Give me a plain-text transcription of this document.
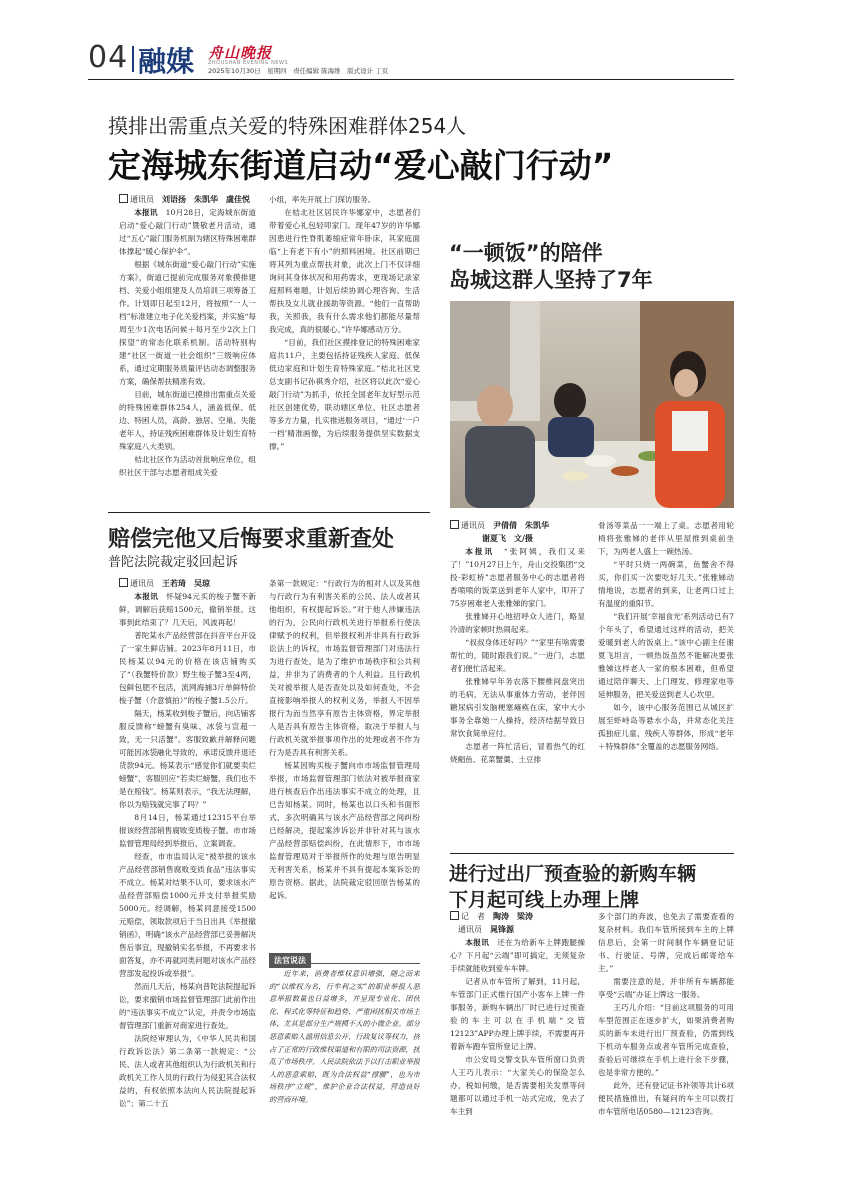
04 融媒 舟山晚报
ZHOUSHAN EVENING NEWS
2025年10月30日　星期四　责任编辑 陈海维　版式设计 丁页
摸排出需重点关爱的特殊困难群体254人
定海城东街道启动“爱心敲门行动”

通讯员　 刘语扬　朱凯华　虞佳悦

本报讯　 10月28日，定海城东街道启动“爱心敲门行动”暨敬老月活动，通过“五心”敲门服务机制为辖区特殊困难群体撑起“暖心保护伞”。

根据《城东街道“爱心敲门行动”实施方案》，街道已提前完成服务对象摸排建档、关爱小组组建及人员培训三项筹备工作。计划即日起至12月，将按照“一人一档”标准建立电子化关爱档案，并实施“每周至少1次电话问候＋每月至少2次上门探望”的常态化联系机制。活动特别构建“社区一街道一社会组织”三级响应体系，通过定期服务质量评估动态调整服务方案，确保帮扶精准有效。

目前，城东街道已摸排出需重点关爱的特殊困难群体254人，涵盖低保、低边、特困人员，高龄、独居、空巢、失能老年人，持证残疾困难群体及计划生育特殊家庭八大类别。

桔北社区作为活动首批响应单位，组织社区干部与志愿者组成关爱

小组，率先开展上门探访服务。

在桔北社区居民许华娜家中，志愿者们带着爱心礼包轻叩家门。现年47岁的许华娜因患进行性脊肌萎缩症常年卧床，其家庭面临“上有老下有小”的照料困境。社区前期已将其列为重点帮扶对象，此次上门不仅详细询问其身体状况和用药需求，更现场记录家庭照料难题，计划后续协调心理咨询、生活帮扶及女儿就业援助等资源。“他们一直帮助我，关照我，我有什么需求他们都能尽量帮我完成，真的很暖心。”许华娜感动万分。

“目前，我们社区摸排登记的特殊困难家庭共11户，主要包括持证残疾人家庭、低保低边家庭和计划生育特殊家庭。”桔北社区党总支副书记孙祺秀介绍，社区将以此次“爱心敲门行动”为抓手，依托全国老年友好型示范社区创建优势，联动辖区单位、社区志愿者等多方力量，扎实推进服务项目，“通过‘一户一档’精准画像，为后续服务提供坚实数据支撑。”

“一顿饭”的陪伴
岛城这群人坚持了7年

通讯员　 尹倩倩　朱凯华
　　　　谢夏飞　文/摄

本报讯　 “张阿姨，我们又来了！”10月27日上午，舟山交投集团“交投·彩虹桥”志愿者服务中心的志愿者将香喷喷的饭菜送到老年人家中，叩开了75岁困难老人张雅娣的家门。

张雅娣开心地招呼众人进门，略显冷清的家顿时热闹起来。

“叔叔身体还好吗？”“家里有啥需要帮忙的，随时跟我们说。”一进门，志愿者们便忙活起来。

张雅娣早年务农落下腰椎间盘突出的毛病，无法从事重体力劳动，老伴因糖尿病引发脑梗塞瘫痪在床，家中大小事务全靠她一人操持，经济结据导致日常饮食简单应付。

志愿者一阵忙活后，冒着热气的红烧鲳鱼、花菜蟹羹、土豆排

骨汤等菜品一一端上了桌。志愿者用轮椅将张雅娣的老伴从里屋推到桌前坐下，为两老人盛上一碗热汤。

“平时只烧一两碗菜，鱼蟹舍不得买，你们买一次要吃好几天。”张雅娣动情地说，志愿者的到来，让老两口过上有温度的重阳节。

“我们开展‘幸福食光’系列活动已有7个年头了，希望通过这样的活动，把关爱暖到老人的饭桌上。”该中心副主任谢夏飞坦言，一顿热饭虽然不能解决要张雅娣这样老人一家的根本困难，但希望通过陪伴聊天、上门理发、修理家电等延伸服务，把关爱送到老人心坎里。

如今，该中心服务范围已从城区扩展至虾峙岛等悬水小岛，并常态化关注孤独症儿童、残疾人等群体，形成“老年＋特殊群体”全覆盖的志愿服务网络。

赔偿完他又后悔要求重新查处
普陀法院裁定驳回起诉

通讯员　 王若琦　吴琼

本报讯　 怀疑94元买的梭子蟹不新鲜，调解后获赔1500元，撤销举报。这事到此结束了？几天后，风波再起！

普陀某水产品经营部在抖音平台开设了一家生鲜店铺。2023年8月11日，市民杨某以94元的价格在该店铺购买了“（我蟹特价款）野生梭子蟹3至4两，包鲜包肥不包活，流网海捕3斤单鲜特价梭子蟹（介意慎拍）”的梭子蟹1.5公斤。

隔天，杨某收到梭子蟹后，向店铺客服反馈称“螃蟹有臭味、冰袋与宣超一致，无一只活蟹”。客服致歉并解释问题可能因冰袋融化导致的，承诺反馈并退还货款94元。杨某表示“感觉你们就要卖烂螃蟹”，客服回应“若卖烂螃蟹，我们也不是在赔钱”。杨某则表示，“我无法理解，你以为赔钱就完事了吗？”

8月14日，杨某通过12315平台举报该经营部销售腐败变质梭子蟹。市市场监督管理局经到举报后，立案调查。

经查，市市监局认定“被举报的该水产品经营部销售腐败变质食品”违法事实不成立。杨某对结果不认可，要求该水产品经营部赔偿1000元并支付举报奖励5000元。经调解，杨某同意接受1500元赔偿，领取款项后于当日出具《举报撤销函》，明确“该水产品经营部已妥善解决售后事宜，现撤销实名举报，不再要求书面答复，亦不再就同类问题对该水产品经营部发起投诉或举报”。

然而几天后，杨某向普陀法院提起诉讼，要求撤销市场监督管理部门此前作出的“违法事实不成立”认定，并责令市场监督管理部门重新对商家进行查处。

法院经审理认为，《中华人民共和国行政诉讼法》第二条第一款规定：“公民、法人或者其他组织认为行政机关和行政机关工作人员的行政行为侵犯其合法权益的，有权依照本法向人民法院提起诉讼”；第二十五

条第一款规定：“行政行为的相对人以及其他与行政行为有利害关系的公民、法人或者其他组织，有权提起诉讼。”对于他人涉嫌违法的行为，公民向行政机关进行举报系行使法律赋予的权利，但举报权利并非具有行政诉讼法上的诉权，市场监督管理部门对违法行为进行查处，是为了维护市场秩序和公共利益，并非为了消费者的个人利益。且行政机关对被举报人是否查处以及如何查处，不会直接影响举报人的权利义务，举报人不因举报行为而当然享有原告主体资格，界定举报人是否具有原告主体资格，取决于举报人与行政机关就举报事项作出的处理或者不作为行为是否具有利害关系。

杨某因购买梭子蟹向市市场监督管理局举报，市场监督管理部门依法对被举报商家进行核查后作出违法事实不成立的处理，且已告知杨某。同时，杨某也以口头和书面形式，多次明确其与该水产品经营部之间纠纷已经解决，提起案涉诉讼并非针对其与该水产品经营部赔偿纠纷，在此情形下，市市场监督管理局对于举报所作的处理与原告明显无利害关系，杨某并不具有提起本案诉讼的原告资格。据此，法院裁定驳回原告杨某的起诉。

法官说法

近年来，消费者维权意识增强，随之而来的“以维权为名，行牟利之实”的职业举报人恶意举报数量也日益增多，并呈现专业化、团伙化、程式化等特征和趋势，严重困扰相关市场主体，尤其是部分生产规模不大的小微企业。部分恶意索赔人滥用信息公开、行政复议等权力，挤占了正常的行政维权渠道和有限的司法资源，扰乱了市场秩序。人民法院依法予以打击职业举报人的恶意索赔，既为合法权益“撑腰”，也为市场秩序“立规”，维护企业合法权益，营造良好的营商环境。

进行过出厂预查验的新购车辆
下月起可线上办理上牌

记　者　 陶涛　梁涛
　通讯员　 晁锋源

本报讯　 还在为给新车上牌跑腿操心？下月起“云端”即可搞定，无须复杂手续就能收到爱车车牌。

记者从市车管所了解到，11月起，车管部门正式推行国产小客车上牌一件事服务，新购车辆出厂时已进行过预查验的车主可以在手机端“交管12123”APP办理上牌手续，不需要再开着新车跑车管所登记上牌。

市公安局交警支队车管所窗口负责人王巧儿表示：“大家关心的保险怎么办，税如何缴，是否需要相关发票等问题都可以通过手机一站式完成，免去了车主到

多个部门的奔波，也免去了需要查看的复杂材料。我们车管所接到车主的上牌信息后，会第一时间制作车辆登记证书、行驶证、号牌，完成后邮寄给车主。”

需要注意的是，并非所有车辆都能享受“云端”办证上牌这一服务。

王巧儿介绍：“目前这项服务的可用车型范围正在逐步扩大，如果消费者购买的新车未进行出厂预查验，仍需到线下机动车服务点或者车管所完成查验，查验后可继续在手机上进行余下步骤，也是非常方便的。”

此外，还有登记证书补领等共计6项便民措施推出，有疑问的车主可以拨打市车管所电话0580—12123咨询。
